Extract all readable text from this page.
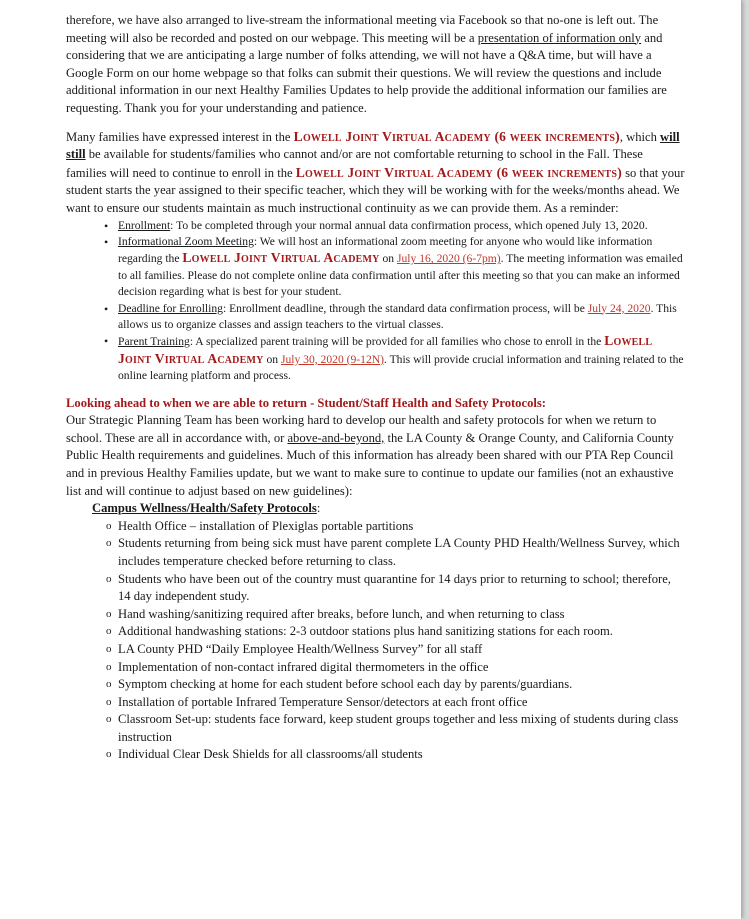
therefore, we have also arranged to live-stream the informational meeting via Facebook so that no-one is left out. The meeting will also be recorded and posted on our webpage. This meeting will be a presentation of information only and considering that we are anticipating a large number of folks attending, we will not have a Q&A time, but will have a Google Form on our home webpage so that folks can submit their questions. We will review the questions and include additional information in our next Healthy Families Updates to help provide the additional information our families are requesting. Thank you for your understanding and patience.

Many families have expressed interest in the Lowell Joint Virtual Academy (6 week increments), which will still be available for students/families who cannot and/or are not comfortable returning to school in the Fall. These families will need to continue to enroll in the Lowell Joint Virtual Academy (6 week increments) so that your student starts the year assigned to their specific teacher, which they will be working with for the weeks/months ahead. We want to ensure our students maintain as much instructional continuity as we can provide them. As a reminder:

• Enrollment: To be completed through your normal annual data confirmation process, which opened July 13, 2020.
• Informational Zoom Meeting: We will host an informational zoom meeting for anyone who would like information regarding the Lowell Joint Virtual Academy on July 16, 2020 (6-7pm). The meeting information was emailed to all families. Please do not complete online data confirmation until after this meeting so that you can make an informed decision regarding what is best for your student.
• Deadline for Enrolling: Enrollment deadline, through the standard data confirmation process, will be July 24, 2020. This allows us to organize classes and assign teachers to the virtual classes.
• Parent Training: A specialized parent training will be provided for all families who chose to enroll in the Lowell Joint Virtual Academy on July 30, 2020 (9-12N). This will provide crucial information and training related to the online learning platform and process.

Looking ahead to when we are able to return - Student/Staff Health and Safety Protocols:

Our Strategic Planning Team has been working hard to develop our health and safety protocols for when we return to school. These are all in accordance with, or above-and-beyond, the LA County & Orange County, and California County Public Health requirements and guidelines. Much of this information has already been shared with our PTA Rep Council and in previous Healthy Families update, but we want to make sure to continue to update our families (not an exhaustive list and will continue to adjust based on new guidelines):

Campus Wellness/Health/Safety Protocols:

o Health Office – installation of Plexiglas portable partitions
o Students returning from being sick must have parent complete LA County PHD Health/Wellness Survey, which includes temperature checked before returning to class.
o Students who have been out of the country must quarantine for 14 days prior to returning to school; therefore, 14 day independent study.
o Hand washing/sanitizing required after breaks, before lunch, and when returning to class
o Additional handwashing stations: 2-3 outdoor stations plus hand sanitizing stations for each room.
o LA County PHD “Daily Employee Health/Wellness Survey” for all staff
o Implementation of non-contact infrared digital thermometers in the office
o Symptom checking at home for each student before school each day by parents/guardians.
o Installation of portable Infrared Temperature Sensor/detectors at each front office
o Classroom Set-up: students face forward, keep student groups together and less mixing of students during class instruction
o Individual Clear Desk Shields for all classrooms/all students
